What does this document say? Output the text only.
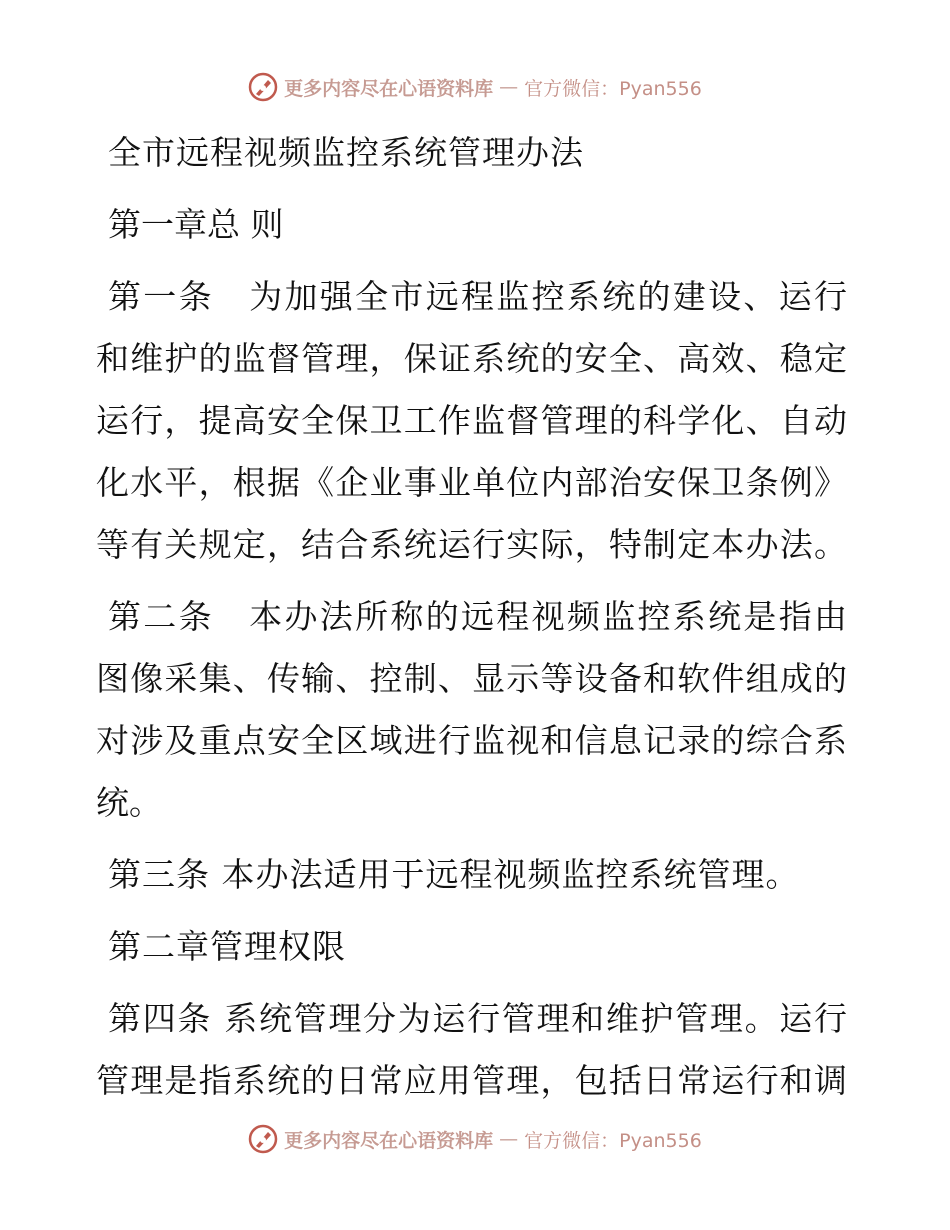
更多内容尽在心语资料库 — 官方微信：Pyan556

全市远程视频监控系统管理办法

第一章总 则

第一条　为加强全市远程监控系统的建设、运行

和维护的监督管理，保证系统的安全、高效、稳定

运行，提高安全保卫工作监督管理的科学化、自动

化水平，根据《企业事业单位内部治安保卫条例》

等有关规定，结合系统运行实际，特制定本办法。

第二条　本办法所称的远程视频监控系统是指由

图像采集、传输、控制、显示等设备和软件组成的

对涉及重点安全区域进行监视和信息记录的综合系

统。

第三条 本办法适用于远程视频监控系统管理。

第二章管理权限

第四条 系统管理分为运行管理和维护管理。运行

管理是指系统的日常应用管理，包括日常运行和调

更多内容尽在心语资料库 — 官方微信：Pyan556
